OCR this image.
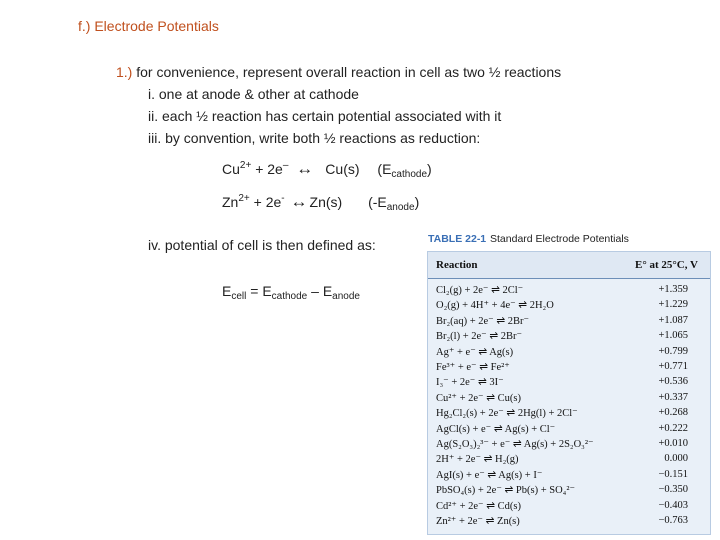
f.) Electrode Potentials
1.) for convenience, represent overall reaction in cell as two ½ reactions
i. one at anode & other at cathode
ii. each ½ reaction has certain potential associated with it
iii. by convention, write both ½ reactions as reduction:
$Cu^{2+} + 2e^-$ ↔ Cu(s) $(E_{cathode})$
$Zn^{2+} + 2e^-$ ↔ Zn(s) $(-E_{anode})$
iv. potential of cell is then defined as:
$E_{cell} = E_{cathode} - E_{anode}$
TABLE 22-1 Standard Electrode Potentials
Reaction	E° at 25°C, V
Cl₂(g) + 2e⁻ ⇌ 2Cl⁻	+1.359
O₂(g) + 4H⁺ + 4e⁻ ⇌ 2H₂O	+1.229
Br₂(aq) + 2e⁻ ⇌ 2Br⁻	+1.087
Br₂(l) + 2e⁻ ⇌ 2Br⁻	+1.065
Ag⁺ + e⁻ ⇌ Ag(s)	+0.799
Fe³⁺ + e⁻ ⇌ Fe²⁺	+0.771
I₃⁻ + 2e⁻ ⇌ 3I⁻	+0.536
Cu²⁺ + 2e⁻ ⇌ Cu(s)	+0.337
Hg₂Cl₂(s) + 2e⁻ ⇌ 2Hg(l) + 2Cl⁻	+0.268
AgCl(s) + e⁻ ⇌ Ag(s) + Cl⁻	+0.222
Ag(S₂O₃)₂³⁻ + e⁻ ⇌ Ag(s) + 2S₂O₃²⁻	+0.010
2H⁺ + 2e⁻ ⇌ H₂(g)	0.000
AgI(s) + e⁻ ⇌ Ag(s) + I⁻	−0.151
PbSO₄(s) + 2e⁻ ⇌ Pb(s) + SO₄²⁻	−0.350
Cd²⁺ + 2e⁻ ⇌ Cd(s)	−0.403
Zn²⁺ + 2e⁻ ⇌ Zn(s)	−0.763
